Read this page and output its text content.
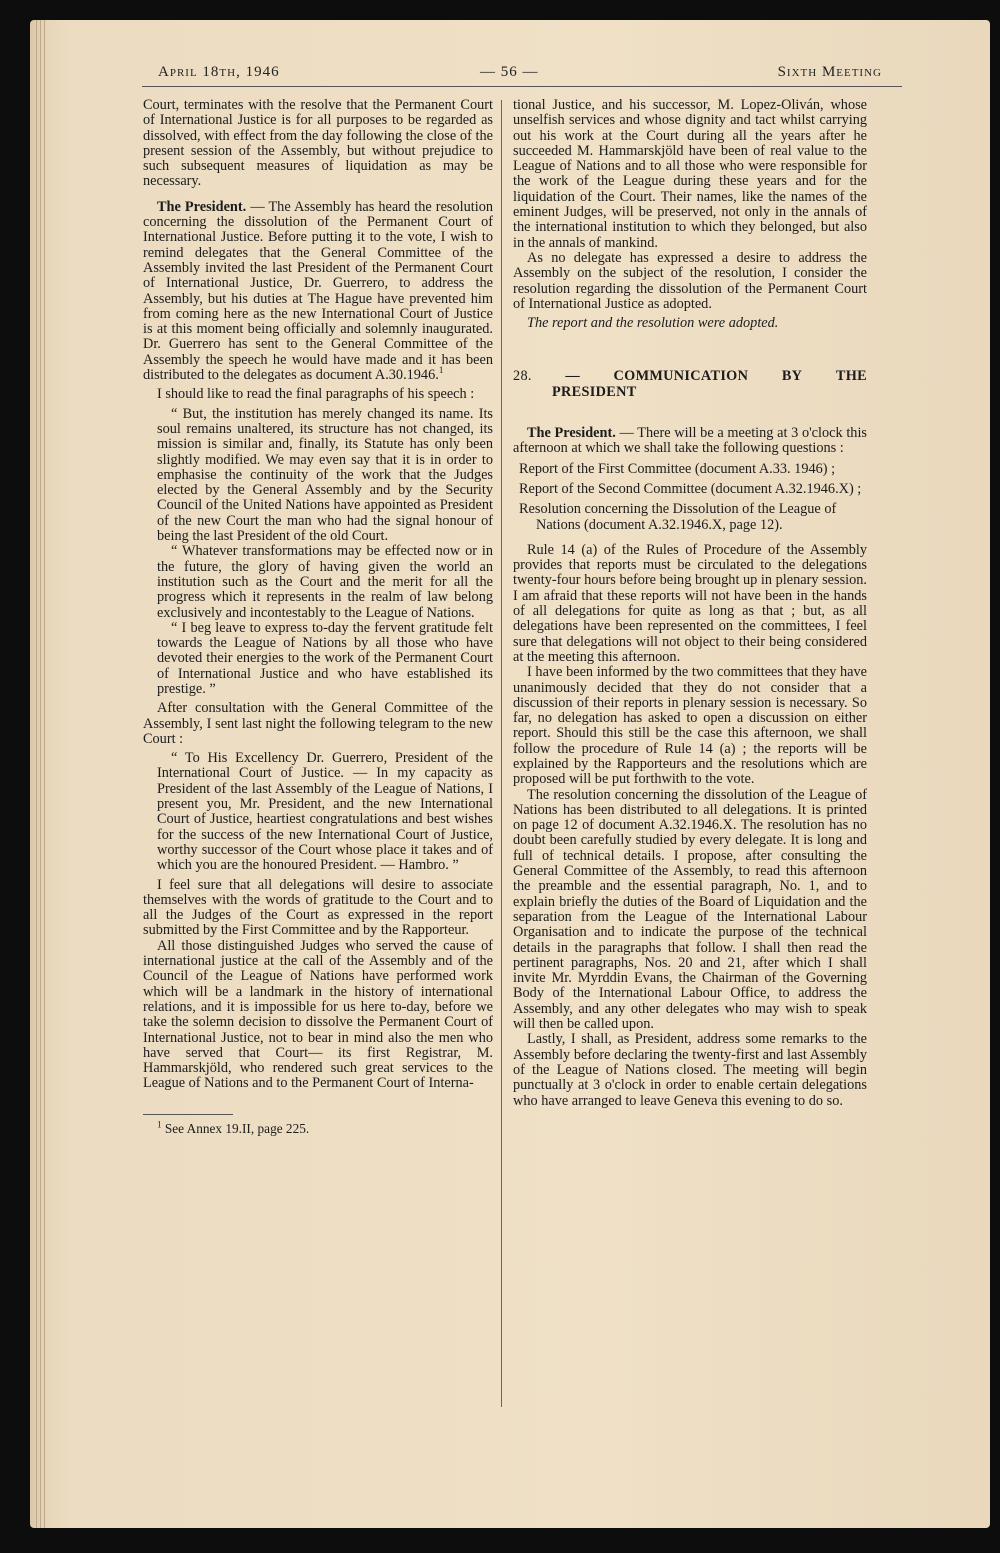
April 18th, 1946	— 56 —	Sixth Meeting

Court, terminates with the resolve that the Permanent Court of International Justice is for all purposes to be regarded as dissolved, with effect from the day following the close of the present session of the Assembly, but without prejudice to such subsequent measures of liquidation as may be necessary.

The President. — The Assembly has heard the resolution concerning the dissolution of the Permanent Court of International Justice. Before putting it to the vote, I wish to remind delegates that the General Committee of the Assembly invited the last President of the Permanent Court of International Justice, Dr. Guerrero, to address the Assembly, but his duties at The Hague have prevented him from coming here as the new International Court of Justice is at this moment being officially and solemnly inaugurated. Dr. Guerrero has sent to the General Committee of the Assembly the speech he would have made and it has been distributed to the delegates as document A.30.1946.$^1$

I should like to read the final paragraphs of his speech :

“ But, the institution has merely changed its name. Its soul remains unaltered, its structure has not changed, its mission is similar and, finally, its Statute has only been slightly modified. We may even say that it is in order to emphasise the continuity of the work that the Judges elected by the General Assembly and by the Security Council of the United Nations have appointed as President of the new Court the man who had the signal honour of being the last President of the old Court.

“ Whatever transformations may be effected now or in the future, the glory of having given the world an institution such as the Court and the merit for all the progress which it represents in the realm of law belong exclusively and incontestably to the League of Nations.

“ I beg leave to express to-day the fervent gratitude felt towards the League of Nations by all those who have devoted their energies to the work of the Permanent Court of International Justice and who have established its prestige. ”

After consultation with the General Committee of the Assembly, I sent last night the following telegram to the new Court :

“ To His Excellency Dr. Guerrero, President of the International Court of Justice. — In my capacity as President of the last Assembly of the League of Nations, I present you, Mr. President, and the new International Court of Justice, heartiest congratulations and best wishes for the success of the new International Court of Justice, worthy successor of the Court whose place it takes and of which you are the honoured President. — Hambro. ”

I feel sure that all delegations will desire to associate themselves with the words of gratitude to the Court and to all the Judges of the Court as expressed in the report submitted by the First Committee and by the Rapporteur.

All those distinguished Judges who served the cause of international justice at the call of the Assembly and of the Council of the League of Nations have performed work which will be a landmark in the history of international relations, and it is impossible for us here to-day, before we take the solemn decision to dissolve the Permanent Court of International Justice, not to bear in mind also the men who have served that Court— its first Registrar, M. Hammarskjöld, who rendered such great services to the League of Nations and to the Permanent Court of Interna-

$^1$ See Annex 19.II, page 225.

tional Justice, and his successor, M. Lopez-Oliván, whose unselfish services and whose dignity and tact whilst carrying out his work at the Court during all the years after he succeeded M. Hammarskjöld have been of real value to the League of Nations and to all those who were responsible for the work of the League during these years and for the liquidation of the Court. Their names, like the names of the eminent Judges, will be preserved, not only in the annals of the international institution to which they belonged, but also in the annals of mankind.

As no delegate has expressed a desire to address the Assembly on the subject of the resolution, I consider the resolution regarding the dissolution of the Permanent Court of International Justice as adopted.

The report and the resolution were adopted.

28. — COMMUNICATION BY THE
PRESIDENT

The President. — There will be a meeting at 3 o'clock this afternoon at which we shall take the following questions :

Report of the First Committee (document A.33. 1946) ;

Report of the Second Committee (document A.32.1946.X) ;

Resolution concerning the Dissolution of the League of Nations (document A.32.1946.X, page 12).

Rule 14 (a) of the Rules of Procedure of the Assembly provides that reports must be circulated to the delegations twenty-four hours before being brought up in plenary session. I am afraid that these reports will not have been in the hands of all delegations for quite as long as that ; but, as all delegations have been represented on the committees, I feel sure that delegations will not object to their being considered at the meeting this afternoon.

I have been informed by the two committees that they have unanimously decided that they do not consider that a discussion of their reports in plenary session is necessary. So far, no delegation has asked to open a discussion on either report. Should this still be the case this afternoon, we shall follow the procedure of Rule 14 (a) ; the reports will be explained by the Rapporteurs and the resolutions which are proposed will be put forthwith to the vote.

The resolution concerning the dissolution of the League of Nations has been distributed to all delegations. It is printed on page 12 of document A.32.1946.X. The resolution has no doubt been carefully studied by every delegate. It is long and full of technical details. I propose, after consulting the General Committee of the Assembly, to read this afternoon the preamble and the essential paragraph, No. 1, and to explain briefly the duties of the Board of Liquidation and the separation from the League of the International Labour Organisation and to indicate the purpose of the technical details in the paragraphs that follow. I shall then read the pertinent paragraphs, Nos. 20 and 21, after which I shall invite Mr. Myrddin Evans, the Chairman of the Governing Body of the International Labour Office, to address the Assembly, and any other delegates who may wish to speak will then be called upon.

Lastly, I shall, as President, address some remarks to the Assembly before declaring the twenty-first and last Assembly of the League of Nations closed. The meeting will begin punctually at 3 o'clock in order to enable certain delegations who have arranged to leave Geneva this evening to do so.
